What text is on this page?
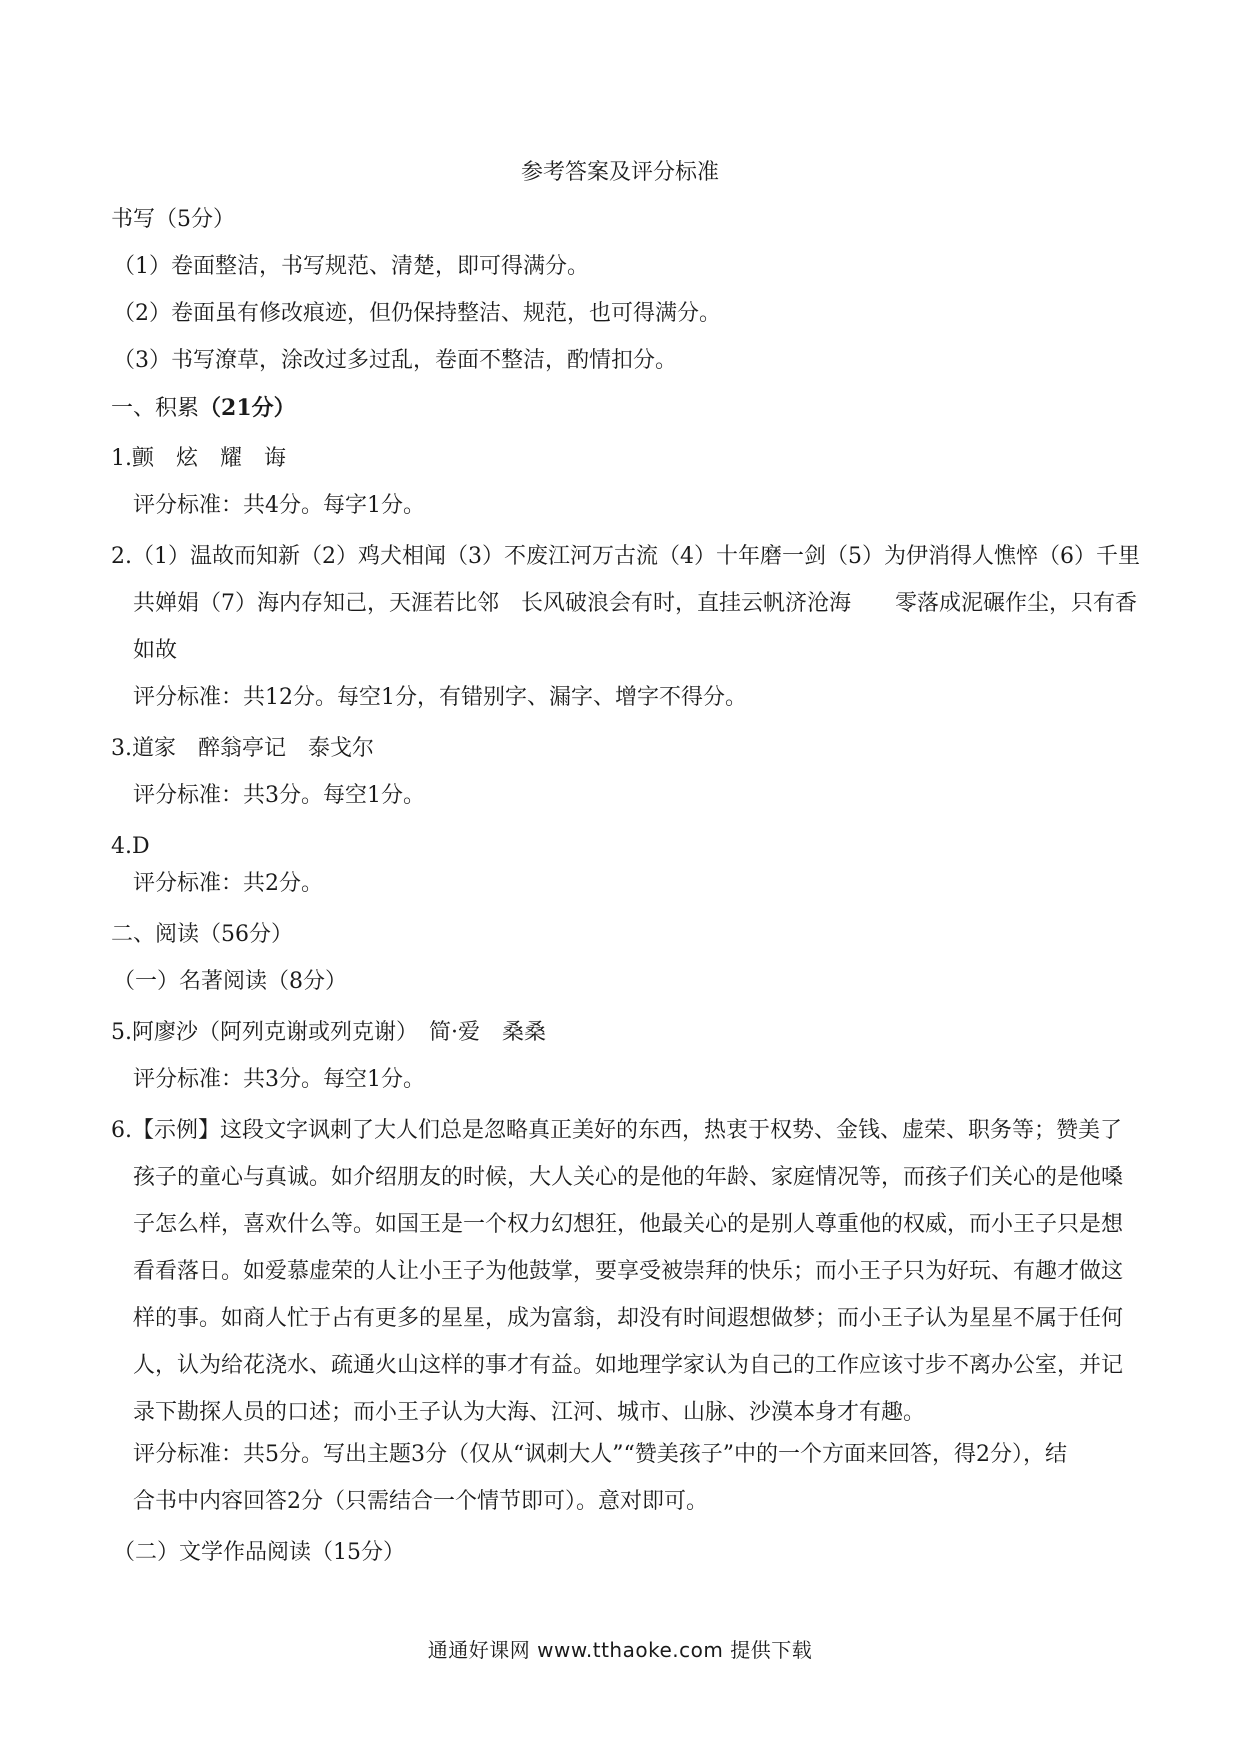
参考答案及评分标准
书写（5分）
（1）卷面整洁，书写规范、清楚，即可得满分。
（2）卷面虽有修改痕迹，但仍保持整洁、规范，也可得满分。
（3）书写潦草，涂改过多过乱，卷面不整洁，酌情扣分。
一、积累（21分）
1.颤　炫　耀　诲
评分标准：共4分。每字1分。
2.（1）温故而知新（2）鸡犬相闻（3）不废江河万古流（4）十年磨一剑（5）为伊消得人憔悴（6）千里
共婵娟（7）海内存知己，天涯若比邻　长风破浪会有时，直挂云帆济沧海　　零落成泥碾作尘，只有香
如故
评分标准：共12分。每空1分，有错别字、漏字、增字不得分。
3.道家　醉翁亭记　泰戈尔
评分标准：共3分。每空1分。
4.D
评分标准：共2分。
二、阅读（56分）
（一）名著阅读（8分）
5.阿廖沙（阿列克谢或列克谢）　简·爱　桑桑
评分标准：共3分。每空1分。
6.【示例】这段文字讽刺了大人们总是忽略真正美好的东西，热衷于权势、金钱、虚荣、职务等；赞美了
孩子的童心与真诚。如介绍朋友的时候，大人关心的是他的年龄、家庭情况等，而孩子们关心的是他嗓
子怎么样，喜欢什么等。如国王是一个权力幻想狂，他最关心的是别人尊重他的权威，而小王子只是想
看看落日。如爱慕虚荣的人让小王子为他鼓掌，要享受被崇拜的快乐；而小王子只为好玩、有趣才做这
样的事。如商人忙于占有更多的星星，成为富翁，却没有时间遐想做梦；而小王子认为星星不属于任何
人，认为给花浇水、疏通火山这样的事才有益。如地理学家认为自己的工作应该寸步不离办公室，并记
录下勘探人员的口述；而小王子认为大海、江河、城市、山脉、沙漠本身才有趣。
评分标准：共5分。写出主题3分（仅从“讽刺大人”“赞美孩子”中的一个方面来回答，得2分），结
合书中内容回答2分（只需结合一个情节即可）。意对即可。
（二）文学作品阅读（15分）
通通好课网 www.tthaoke.com 提供下载
